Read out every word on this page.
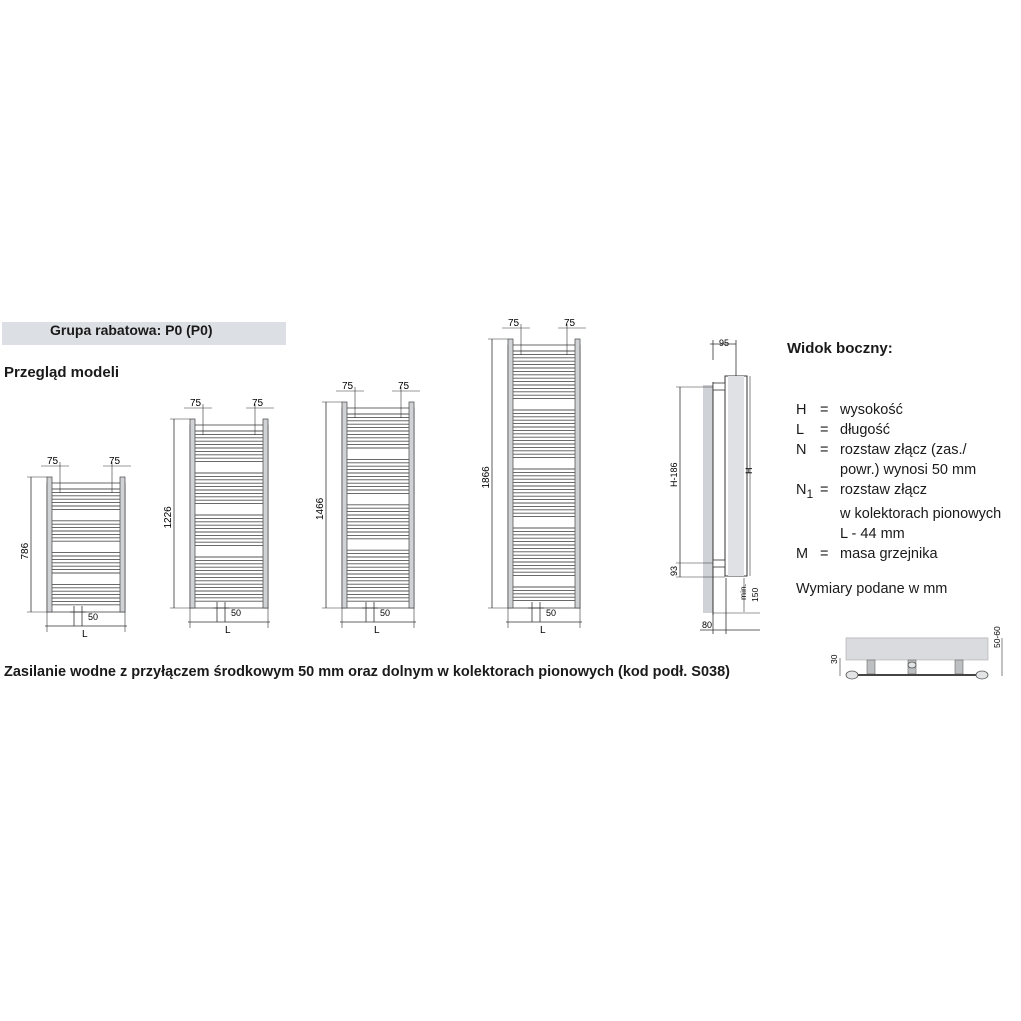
Grupa rabatowa: P0 (P0)
Przegląd modeli
786
75	75
50
L
1226
75	75
50
L
1466
75	75
50
L
1866
75	75
50
L
95
H-186	H
93
min. 150
80
Widok boczny:
H = wysokość
L	= długość
N = rozstaw złącz (zas./
powr.) wynosi 50 mm
$N_1$ = rozstaw złącz
w kolektorach pionowych
L - 44 mm
M = masa grzejnika
Wymiary podane w mm
Zasilanie wodne z przyłączem środkowym 50 mm oraz dolnym w kolektorach pionowych (kod podł. S038)
30
50-60
